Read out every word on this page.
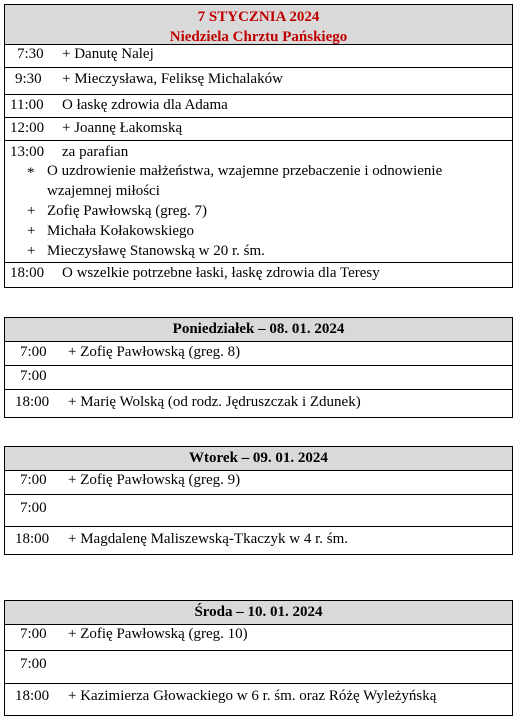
7 STYCZNIA 2024
Niedziela Chrztu Pańskiego
7:30 + Danutę Nalej
9:30 + Mieczysława, Feliksę Michalaków
11:00 O łaskę zdrowia dla Adama
12:00 + Joannę Łakomską
13:00 za parafian
* O uzdrowienie małżeństwa, wzajemne przebaczenie i odnowienie
wzajemnej miłości
+ Zofię Pawłowską (greg. 7)
+ Michała Kołakowskiego
+ Mieczysławę Stanowską w 20 r. śm.
18:00 O wszelkie potrzebne łaski, łaskę zdrowia dla Teresy
Poniedziałek – 08. 01. 2024
7:00 + Zofię Pawłowską (greg. 8)
7:00
18:00 + Marię Wolską (od rodz. Jędruszczak i Zdunek)
Wtorek – 09. 01. 2024
7:00 + Zofię Pawłowską (greg. 9)
7:00
18:00 + Magdalenę Maliszewską-Tkaczyk w 4 r. śm.
Środa – 10. 01. 2024
7:00 + Zofię Pawłowską (greg. 10)
7:00
18:00 + Kazimierza Głowackiego w 6 r. śm. oraz Różę Wyleżyńską
